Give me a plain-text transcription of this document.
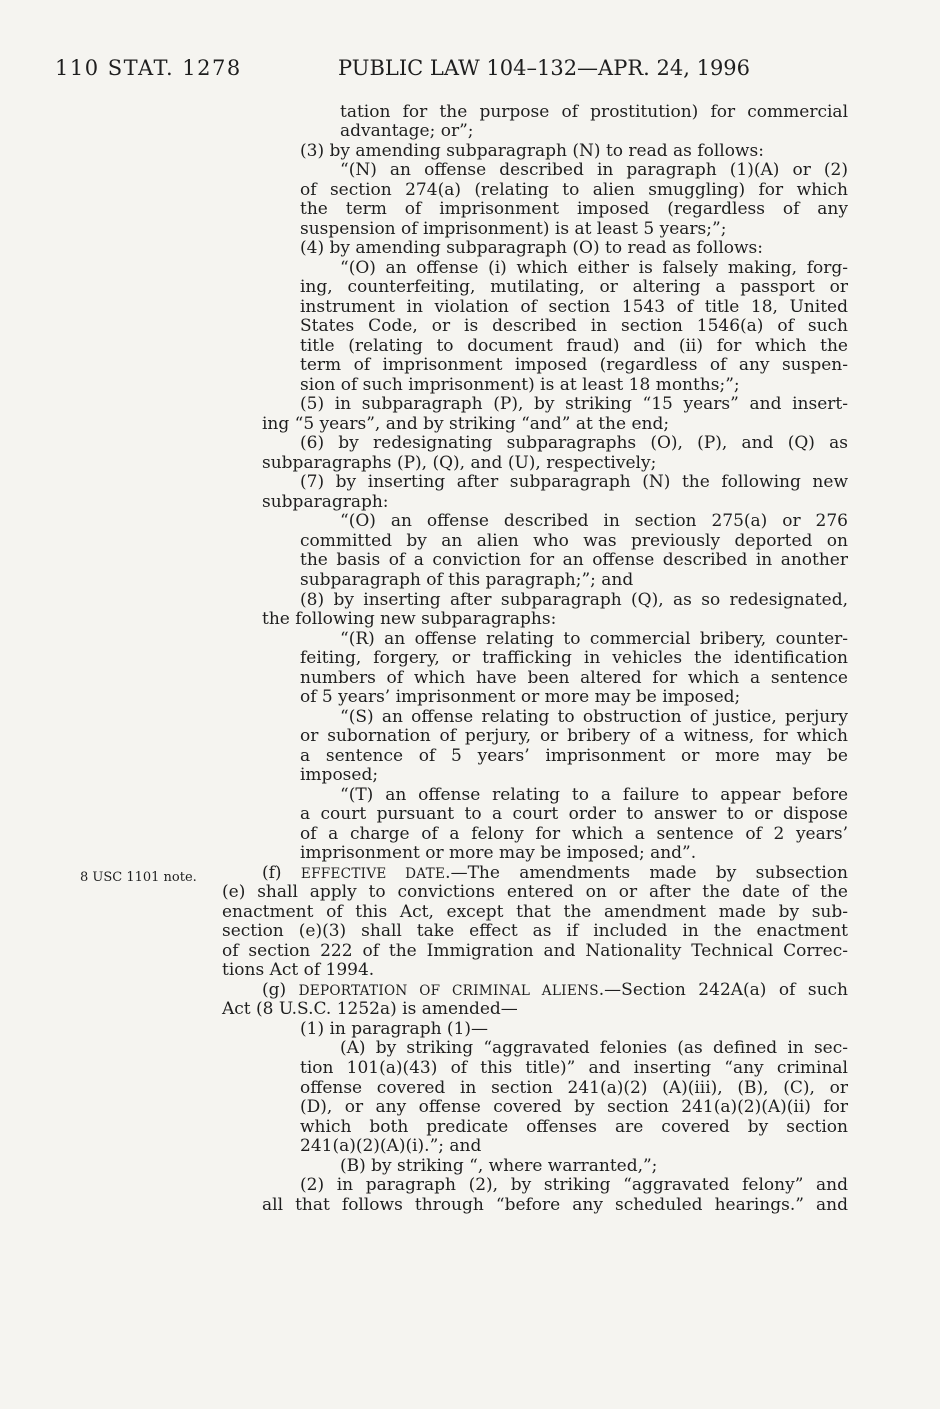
110 STAT. 1278	PUBLIC LAW 104–132—APR. 24, 1996
8 USC 1101 note.
tation for the purpose of prostitution) for commercial
advantage; or”;
(3) by amending subparagraph (N) to read as follows:
“(N) an offense described in paragraph (1)(A) or (2)
of section 274(a) (relating to alien smuggling) for which
the term of imprisonment imposed (regardless of any
suspension of imprisonment) is at least 5 years;”;
(4) by amending subparagraph (O) to read as follows:
“(O) an offense (i) which either is falsely making, forg-
ing, counterfeiting, mutilating, or altering a passport or
instrument in violation of section 1543 of title 18, United
States Code, or is described in section 1546(a) of such
title (relating to document fraud) and (ii) for which the
term of imprisonment imposed (regardless of any suspen-
sion of such imprisonment) is at least 18 months;”;
(5) in subparagraph (P), by striking “15 years” and insert-
ing “5 years”, and by striking “and” at the end;
(6) by redesignating subparagraphs (O), (P), and (Q) as
subparagraphs (P), (Q), and (U), respectively;
(7) by inserting after subparagraph (N) the following new
subparagraph:
“(O) an offense described in section 275(a) or 276
committed by an alien who was previously deported on
the basis of a conviction for an offense described in another
subparagraph of this paragraph;”; and
(8) by inserting after subparagraph (Q), as so redesignated,
the following new subparagraphs:
“(R) an offense relating to commercial bribery, counter-
feiting, forgery, or trafficking in vehicles the identification
numbers of which have been altered for which a sentence
of 5 years’ imprisonment or more may be imposed;
“(S) an offense relating to obstruction of justice, perjury
or subornation of perjury, or bribery of a witness, for which
a sentence of 5 years’ imprisonment or more may be
imposed;
“(T) an offense relating to a failure to appear before
a court pursuant to a court order to answer to or dispose
of a charge of a felony for which a sentence of 2 years’
imprisonment or more may be imposed; and”.
(f) EFFECTIVE DATE.—The amendments made by subsection
(e) shall apply to convictions entered on or after the date of the
enactment of this Act, except that the amendment made by sub-
section (e)(3) shall take effect as if included in the enactment
of section 222 of the Immigration and Nationality Technical Correc-
tions Act of 1994.
(g) DEPORTATION OF CRIMINAL ALIENS.—Section 242A(a) of such
Act (8 U.S.C. 1252a) is amended—
(1) in paragraph (1)—
(A) by striking “aggravated felonies (as defined in sec-
tion 101(a)(43) of this title)” and inserting “any criminal
offense covered in section 241(a)(2) (A)(iii), (B), (C), or
(D), or any offense covered by section 241(a)(2)(A)(ii) for
which both predicate offenses are covered by section
241(a)(2)(A)(i).”; and
(B) by striking “, where warranted,”;
(2) in paragraph (2), by striking “aggravated felony” and
all that follows through “before any scheduled hearings.” and
